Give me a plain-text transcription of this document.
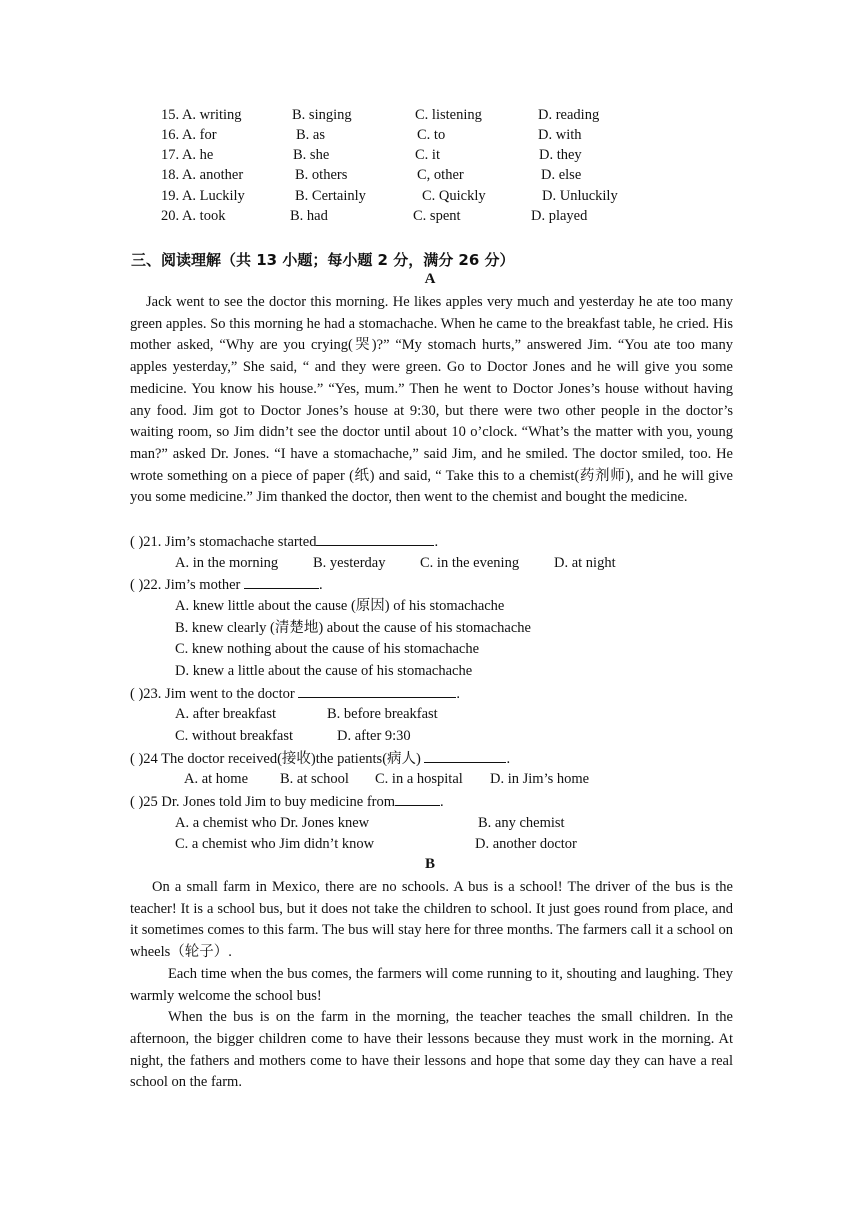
15. A. writing	B. singing	C. listening	D. reading
16. A. for	B. as	C. to	D. with
17. A. he	B. she	C. it	D. they
18. A. another	B. others	C, other	D. else
19. A. Luckily	B. Certainly	C. Quickly	D. Unluckily
20. A. took	B. had	C. spent	D. played
三、阅读理解（共 13 小题；每小题 2 分，满分 26 分）
A

Jack went to see the doctor this morning. He likes apples very much and yesterday he ate too many green apples. So this morning he had a stomachache. When he came to the breakfast table, he cried. His mother asked, “Why are you crying(哭)?” “My stomach hurts,” answered Jim. “You ate too many apples yesterday,” She said, “ and they were green. Go to Doctor Jones and he will give you some medicine. You know his house.” “Yes, mum.” Then he went to Doctor Jones’s house without having any food. Jim got to Doctor Jones’s house at 9:30, but there were two other people in the doctor’s waiting room, so Jim didn’t see the doctor until about 10 o’clock. “What’s the matter with you, young man?” asked Dr. Jones. “I have a stomachache,” said Jim, and he smiled. The doctor smiled, too. He wrote something on a piece of paper (纸) and said, “ Take this to a chemist(药剂师), and he will give you some medicine.” Jim thanked the doctor, then went to the chemist and bought the medicine.

( )21. Jim’s stomachache started	.
A. in the morning B. yesterday C. in the evening D. at night
( )22. Jim’s mother	.
A. knew little about the cause (原因) of his stomachache
B. knew clearly (清楚地) about the cause of his stomachache
C. knew nothing about the cause of his stomachache
D. knew a little about the cause of his stomachache
( )23. Jim went to the doctor	.
A. after breakfast	B. before breakfast
C. without breakfast	D. after 9:30
( )24 The doctor received(接收)the patients(病人)	.
A. at home B. at school C. in a hospital D. in Jim’s home
( )25 Dr. Jones told Jim to buy medicine from	.
A. a chemist who Dr. Jones knew	B. any chemist
C. a chemist who Jim didn’t know	D. another doctor
B

On a small farm in Mexico, there are no schools. A bus is a school! The driver of the bus is the teacher! It is a school bus, but it does not take the children to school. It just goes round from place, and it sometimes comes to this farm. The bus will stay here for three months. The farmers call it a school on wheels（轮子）.

Each time when the bus comes, the farmers will come running to it, shouting and laughing. They warmly welcome the school bus!

When the bus is on the farm in the morning, the teacher teaches the small children. In the afternoon, the bigger children come to have their lessons because they must work in the morning. At night, the fathers and mothers come to have their lessons and hope that some day they can have a real school on the farm.
